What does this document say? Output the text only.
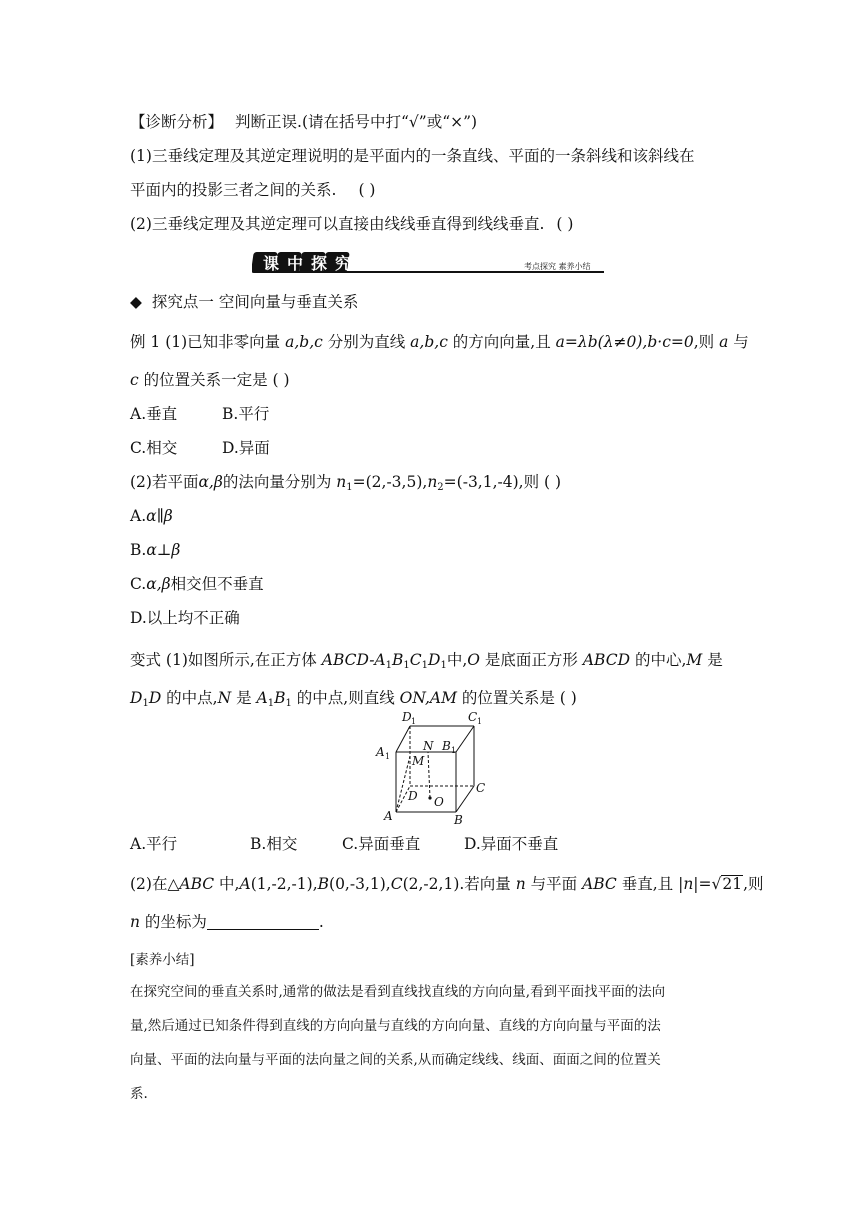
【诊断分析】 判断正误.(请在括号中打“√”或“×”)
(1)三垂线定理及其逆定理说明的是平面内的一条直线、平面的一条斜线和该斜线在
平面内的投影三者之间的关系. ( )
(2)三垂线定理及其逆定理可以直接由线线垂直得到线线垂直. ( )
课 中 探 究	考点探究 素养小结
◆ 探究点一 空间向量与垂直关系
例 1 (1)已知非零向量 a,b,c 分别为直线 a,b,c 的方向向量,且 a=λb(λ≠0),b·c=0,则 a 与
c 的位置关系一定是 ( )
A.垂直	B.平行
C.相交	D.异面
(2)若平面α,β的法向量分别为 $n_1=(2,-3,5),n_2=(-3,1,-4)$,则 ( )
A.α∥β
B.α⊥β
C.α,β相交但不垂直
D.以上均不正确
变式 (1)如图所示,在正方体 ABCD-$A_1B_1C_1D_1$中,O 是底面正方形 ABCD 的中心,M 是
$D_1D$ 的中点,N 是 $A_1B_1$ 的中点,则直线 ON,AM 的位置关系是 ( )
D 1	C 1
A 1
B 1
N
M
D O
C
A	B
A.平行	B.相交	C.异面垂直	D.异面不垂直
(2)在△ABC 中,A(1,-2,-1),B(0,-3,1),C(2,-2,1).若向量 n 与平面 ABC 垂直,且 |n|=√21,则
n 的坐标为	.
[素养小结]
在探究空间的垂直关系时,通常的做法是看到直线找直线的方向向量,看到平面找平面的法向
量,然后通过已知条件得到直线的方向向量与直线的方向向量、直线的方向向量与平面的法
向量、平面的法向量与平面的法向量之间的关系,从而确定线线、线面、面面之间的位置关
系.
